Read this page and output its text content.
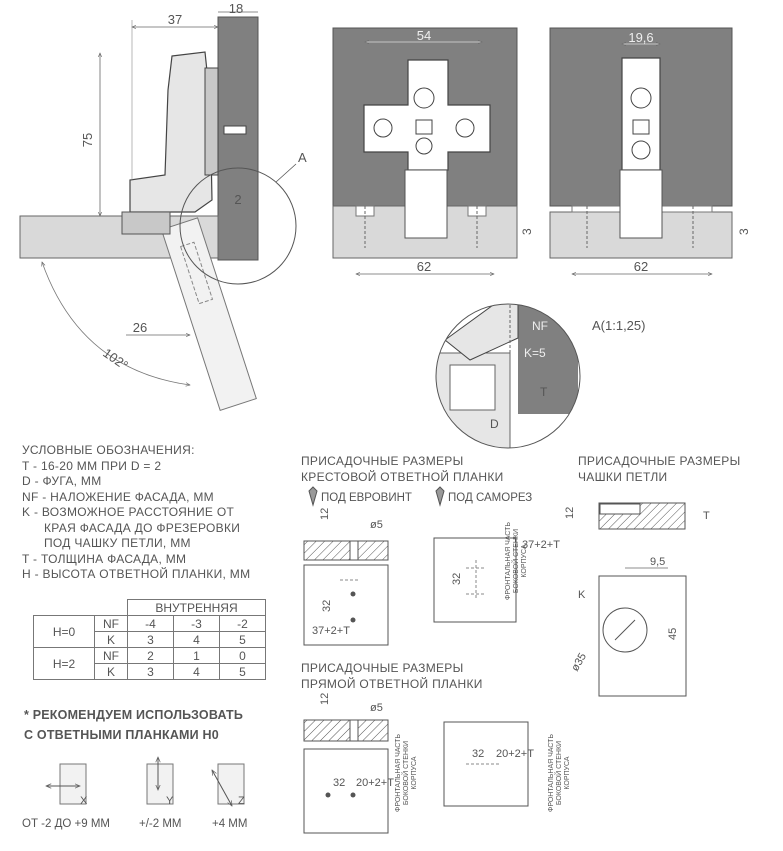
37
18
75
2
26
102°
A
54
62
3
19,6
62
3
NF
K=5
T
D
A(1:1,25)
12
ø5
32
37+2+T
32
37+2+T
12	T
9,5
K
45
ø35
12
ø5
32 20+2+T
32 20+2+T
X	Y	Z
УСЛОВНЫЕ ОБОЗНАЧЕНИЯ:
T - 16-20 MM ПРИ D = 2
D - ФУГА, ММ
NF - НАЛОЖЕНИЕ ФАСАДА, ММ
K - ВОЗМОЖНОЕ РАССТОЯНИЕ ОТ
КРАЯ ФАСАДА ДО ФРЕЗЕРОВКИ
ПОД ЧАШКУ ПЕТЛИ, ММ
T - ТОЛЩИНА ФАСАДА, ММ
H - ВЫСОТА ОТВЕТНОЙ ПЛАНКИ, ММ
		ВНУТРЕННЯЯ		
H=0	NF	-4	-3	-2
	K	3	4	5
H=2	NF	2	1	0
	K	3	4	5
* РЕКОМЕНДУЕМ ИСПОЛЬЗОВАТЬ
С ОТВЕТНЫМИ ПЛАНКАМИ Н0
ОТ -2 ДО +9 ММ	+/-2 ММ	+4 ММ
ПРИСАДОЧНЫЕ РАЗМЕРЫ
КРЕСТОВОЙ ОТВЕТНОЙ ПЛАНКИ
ПОД ЕВРОВИНТ	ПОД САМОРЕЗ
ПРИСАДОЧНЫЕ РАЗМЕРЫ
ЧАШКИ ПЕТЛИ
ПРИСАДОЧНЫЕ РАЗМЕРЫ
ПРЯМОЙ ОТВЕТНОЙ ПЛАНКИ
ФРОНТАЛЬНАЯ ЧАСТЬ БОКОВОЙ СТЕНКИ КОРПУСА
ФРОНТАЛЬНАЯ ЧАСТЬ БОКОВОЙ СТЕНКИ КОРПУСА	ФРОНТАЛЬНАЯ ЧАСТЬ БОКОВОЙ СТЕНКИ КОРПУСА
